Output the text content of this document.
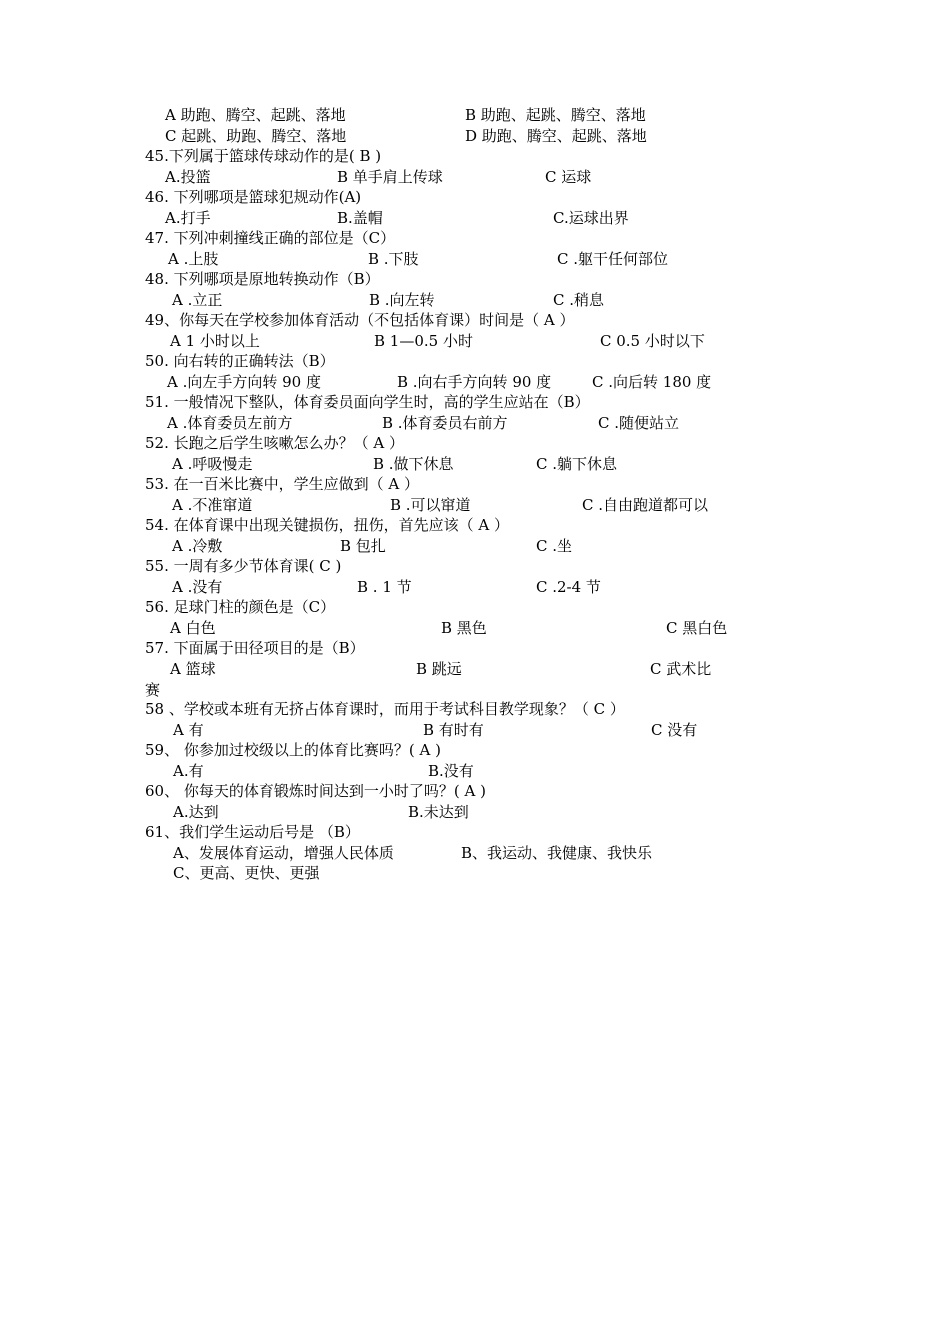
A 助跑、腾空、起跳、落地	B 助跑、起跳、腾空、落地
C 起跳、助跑、腾空、落地	D 助跑、腾空、起跳、落地
45.下列属于篮球传球动作的是( B )
A.投篮	B 单手肩上传球	C 运球
46. 下列哪项是篮球犯规动作(A)
A.打手	B.盖帽	C.运球出界
47. 下列冲刺撞线正确的部位是（C）
A .上肢	B .下肢	C .躯干任何部位
48. 下列哪项是原地转换动作（B）
A .立正	B .向左转	C .稍息
49、你每天在学校参加体育活动（不包括体育课）时间是（ A ）
A 1 小时以上	B 1—0.5 小时	C 0.5 小时以下
50. 向右转的正确转法（B）
A .向左手方向转 90 度	B .向右手方向转 90 度	C .向后转 180 度
51. 一般情况下整队，体育委员面向学生时，高的学生应站在（B）
A .体育委员左前方	B .体育委员右前方	C .随便站立
52. 长跑之后学生咳嗽怎么办？（ A ）
A .呼吸慢走	B .做下休息	C .躺下休息
53. 在一百米比赛中，学生应做到（ A ）
A .不准窜道	B .可以窜道	C .自由跑道都可以
54. 在体育课中出现关键损伤，扭伤，首先应该（ A ）
A .冷敷	B 包扎	C .坐
55. 一周有多少节体育课( C )
A .没有	B . 1 节	C .2-4 节
56. 足球门柱的颜色是（C）
A 白色	B 黑色	C 黑白色
57. 下面属于田径项目的是（B）
A 篮球	B 跳远	C 武术比
赛
58 、学校或本班有无挤占体育课时，而用于考试科目教学现象？（ C ）
A 有	B 有时有	C 没有
59、 你参加过校级以上的体育比赛吗？( A )
A.有	B.没有
60、 你每天的体育锻炼时间达到一小时了吗？( A )
A.达到	B.未达到
61、我们学生运动后号是 （B）
A、发展体育运动，增强人民体质	B、我运动、我健康、我快乐
C、更高、更快、更强
